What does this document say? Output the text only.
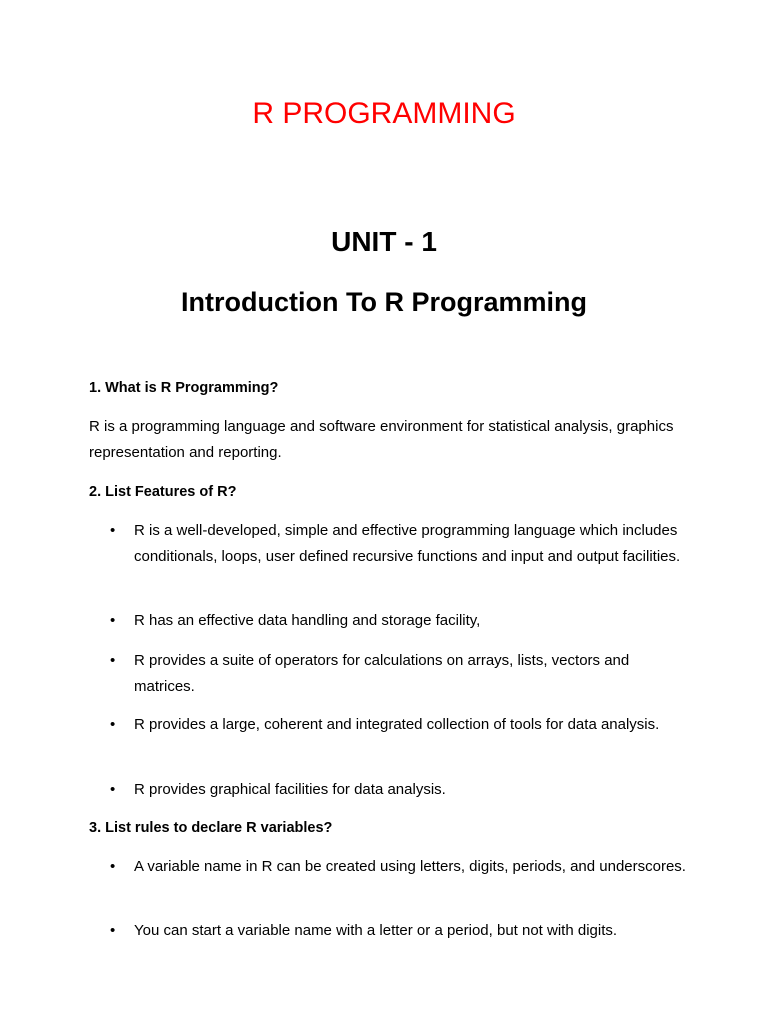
R PROGRAMMING
UNIT - 1
Introduction To R Programming

1. What is R Programming?

R is a programming language and software environment for statistical analysis, graphics representation and reporting.

2. List Features of R?

•	R is a well-developed, simple and effective programming language which includes conditionals, loops, user defined recursive functions and input and output facilities.
•	R has an effective data handling and storage facility,
•	R provides a suite of operators for calculations on arrays, lists, vectors and matrices.
•	R provides a large, coherent and integrated collection of tools for data analysis.
•	R provides graphical facilities for data analysis.

3. List rules to declare R variables?

•	A variable name in R can be created using letters, digits, periods, and underscores.
•	You can start a variable name with a letter or a period, but not with digits.
